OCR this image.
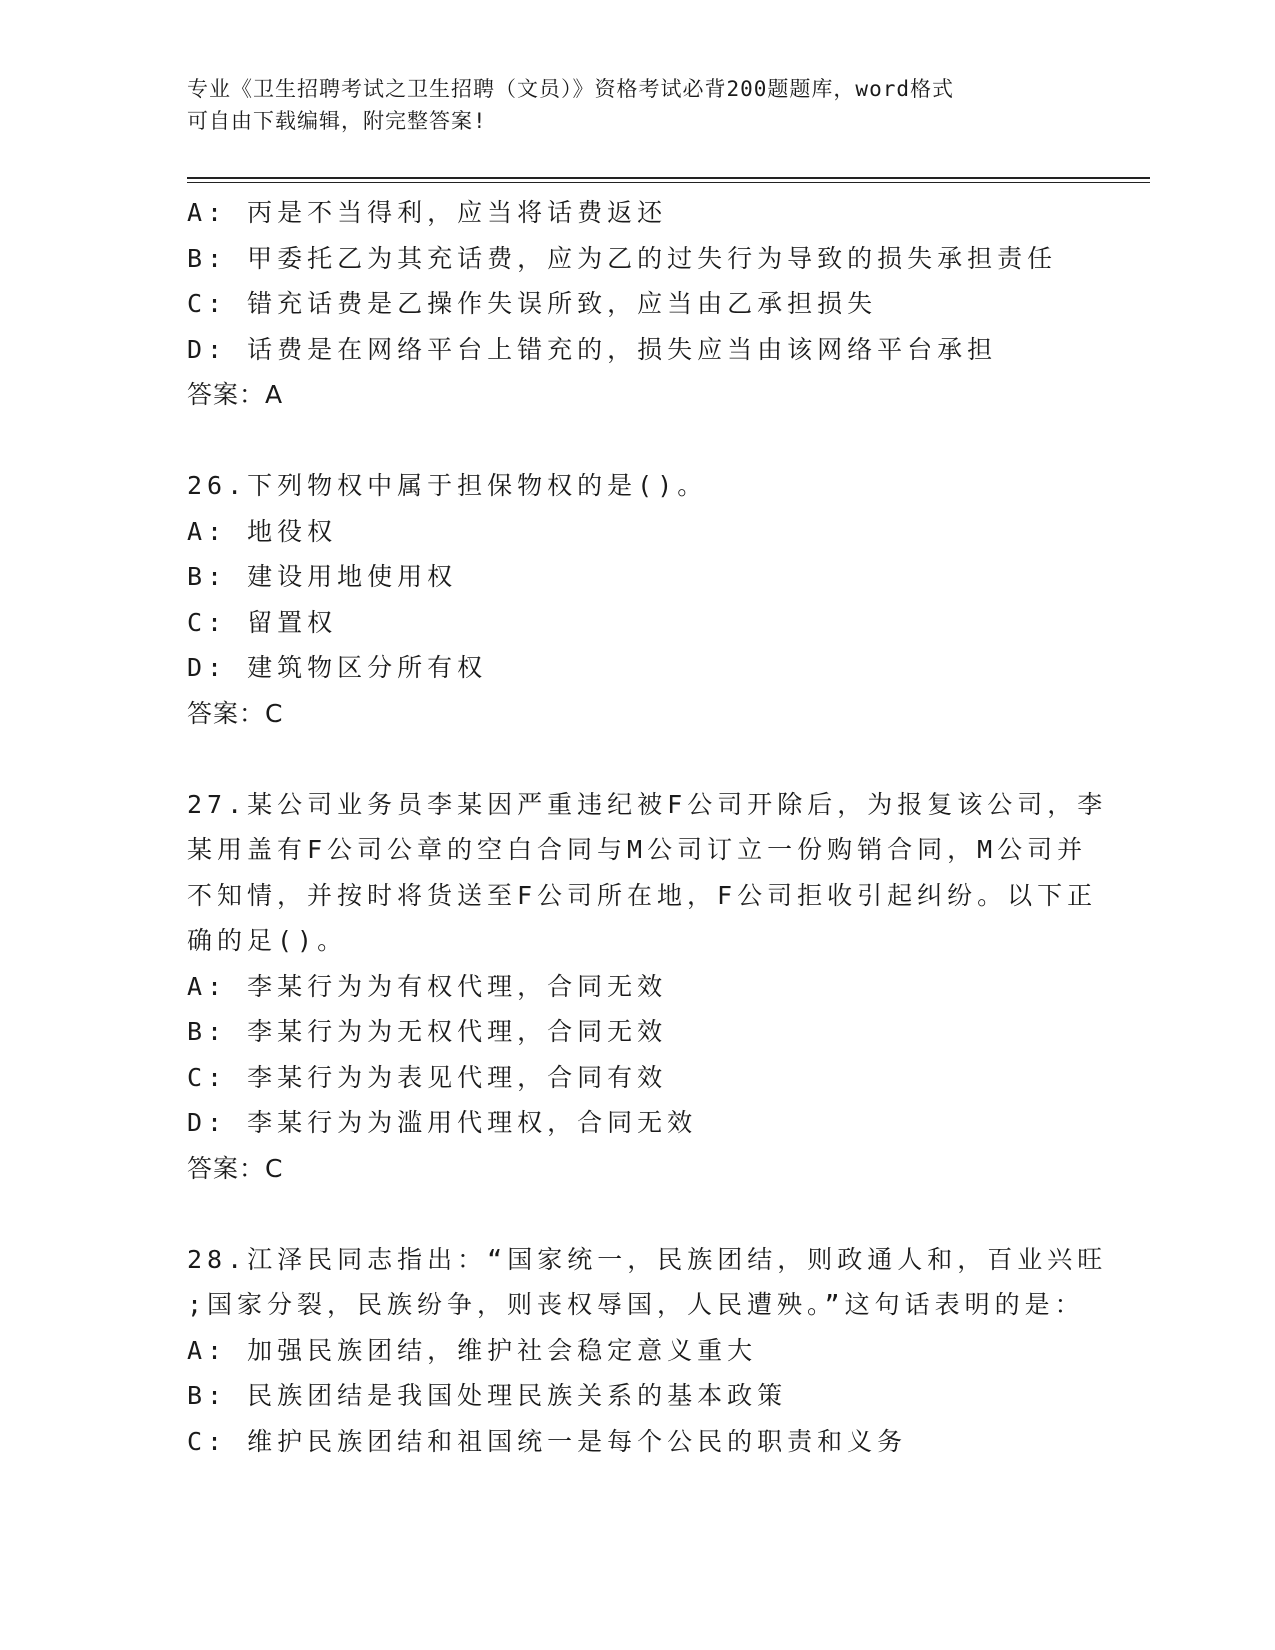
专业《卫生招聘考试之卫生招聘（文员）》资格考试必背200题题库，word格式
可自由下载编辑，附完整答案!
A: 丙是不当得利，应当将话费返还
B: 甲委托乙为其充话费，应为乙的过失行为导致的损失承担责任
C: 错充话费是乙操作失误所致，应当由乙承担损失
D: 话费是在网络平台上错充的，损失应当由该网络平台承担
答案：A
26.下列物权中属于担保物权的是()。
A: 地役权
B: 建设用地使用权
C: 留置权
D: 建筑物区分所有权
答案：C
27.某公司业务员李某因严重违纪被F公司开除后，为报复该公司，李
某用盖有F公司公章的空白合同与M公司订立一份购销合同，M公司并
不知情，并按时将货送至F公司所在地，F公司拒收引起纠纷。以下正
确的足()。
A: 李某行为为有权代理，合同无效
B: 李某行为为无权代理，合同无效
C: 李某行为为表见代理，合同有效
D: 李某行为为滥用代理权，合同无效
答案：C
28.江泽民同志指出：“国家统一，民族团结，则政通人和，百业兴旺
;国家分裂，民族纷争，则丧权辱国，人民遭殃。”这句话表明的是：
A: 加强民族团结，维护社会稳定意义重大
B: 民族团结是我国处理民族关系的基本政策
C: 维护民族团结和祖国统一是每个公民的职责和义务
